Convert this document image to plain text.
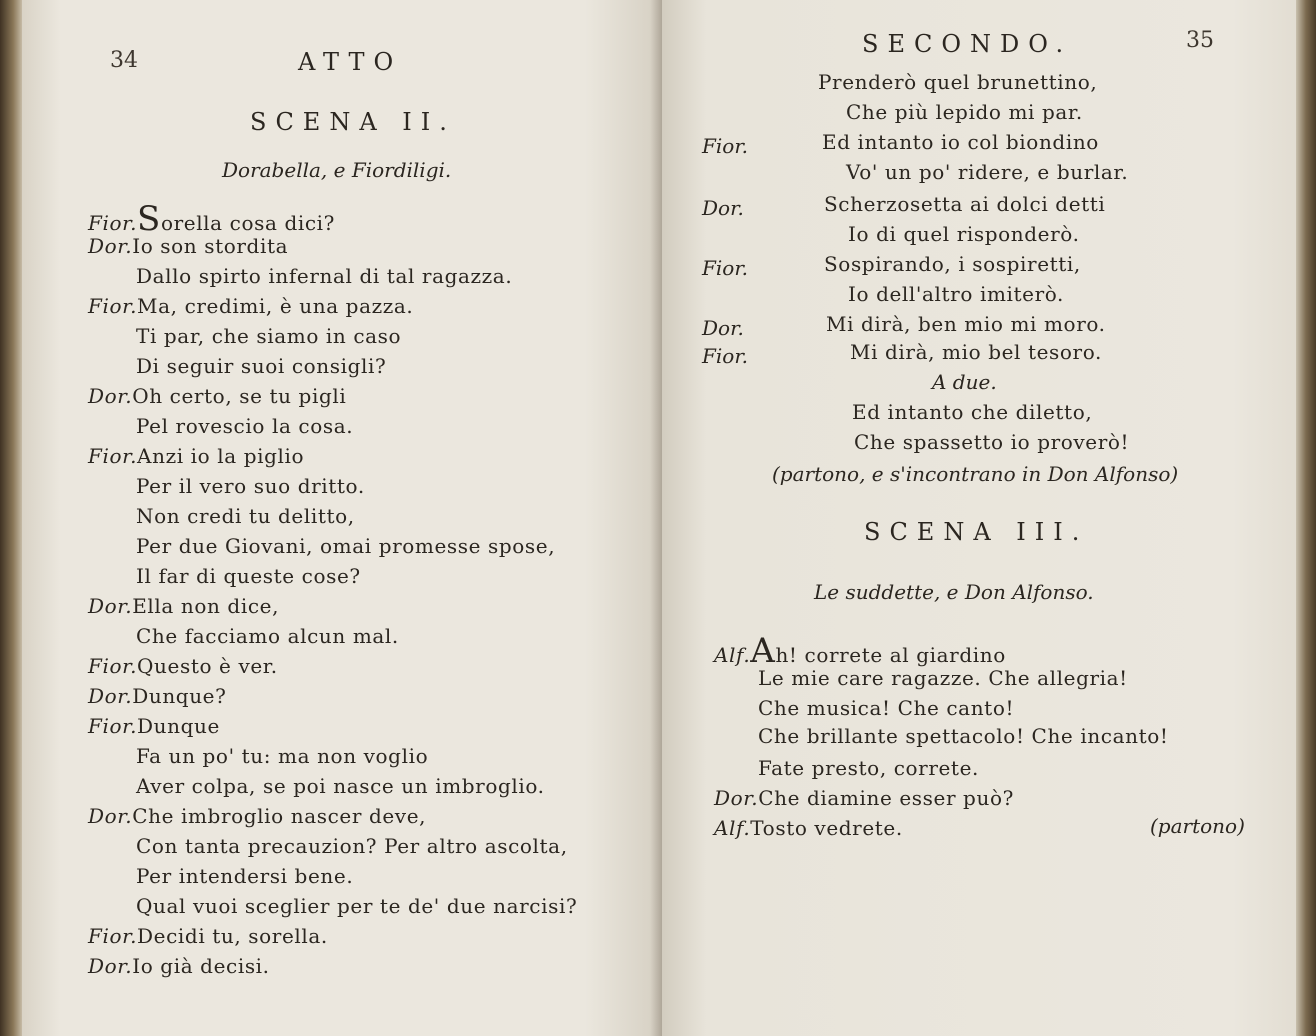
34	ATTO
SCENA II.
Dorabella, e Fiordiligi.
Fior.Sorella cosa dici?
Dor.Io son stordita
Dallo spirto infernal di tal ragazza.
Fior.Ma, credimi, è una pazza.
Ti par, che siamo in caso
Di seguir suoi consigli?
Dor.Oh certo, se tu pigli
Pel rovescio la cosa.
Fior.Anzi io la piglio
Per il vero suo dritto.
Non credi tu delitto,
Per due Giovani, omai promesse spose,
Il far di queste cose?
Dor.Ella non dice,
Che facciamo alcun mal.
Fior.Questo è ver.
Dor.Dunque?
Fior.Dunque
Fa un po' tu: ma non voglio
Aver colpa, se poi nasce un imbroglio.
Dor.Che imbroglio nascer deve,
Con tanta precauzion? Per altro ascolta,
Per intendersi bene.
Qual vuoi sceglier per te de' due narcisi?
Fior.Decidi tu, sorella.
Dor.Io già decisi.
SECONDO.	35
Prenderò quel brunettino,
Che più lepido mi par.
Fior.	Ed intanto io col biondino
Vo' un po' ridere, e burlar.
Dor.	Scherzosetta ai dolci detti
Io di quel risponderò.
Fior.	Sospirando, i sospiretti,
Io dell'altro imiterò.
Dor.	Mi dirà, ben mio mi moro.
Fior.	Mi dirà, mio bel tesoro.
A due.
Ed intanto che diletto,
Che spassetto io proverò!
(partono, e s'incontrano in Don Alfonso)
SCENA III.
Le suddette, e Don Alfonso.
Alf.Ah! correte al giardino
Le mie care ragazze. Che allegria!
Che musica! Che canto!
Che brillante spettacolo! Che incanto!
Fate presto, correte.
Dor.Che diamine esser può?
Alf.Tosto vedrete.	(partono)
